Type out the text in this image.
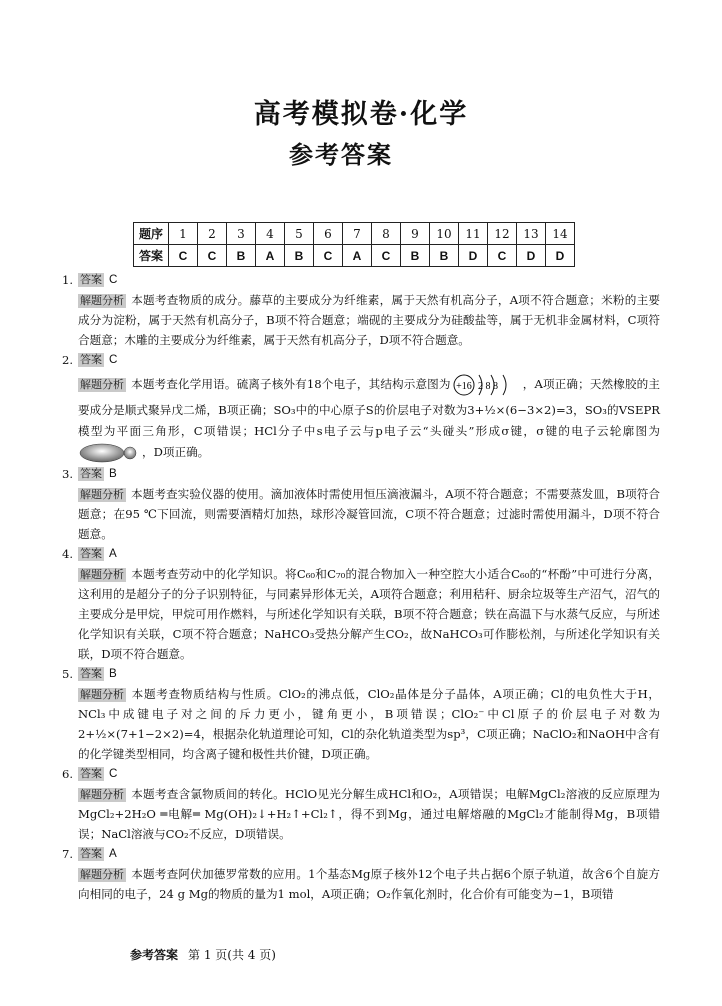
高考模拟卷·化学
参考答案
题序	1	2	3	4	5	6	7	8	9	10	11	12	13	14
答案	C	C	B	A	B	C	A	C	B	B	D	C	D	D
1. 答案 C
解题分析 本题考查物质的成分。藤草的主要成分为纤维素，属于天然有机高分子，A项不符合题意；米粉的主要成分为淀粉，属于天然有机高分子，B项不符合题意；端砚的主要成分为硅酸盐等，属于无机非金属材料，C项符合题意；木雕的主要成分为纤维素，属于天然有机高分子，D项不符合题意。
2. 答案 C
解题分析 本题考查化学用语。硫离子核外有18个电子，其结构示意图为 +16 2 8 8 ，A项正确；天然橡胶的主要成分是顺式聚异戊二烯，B项正确；SO₃中的中心原子S的价层电子对数为3+½×(6−3×2)=3，SO₃的VSEPR模型为平面三角形，C项错误；HCl分子中s电子云与p电子云“头碰头”形成σ键，σ键的电子云轮廓图为，D项正确。
3. 答案 B
解题分析 本题考查实验仪器的使用。滴加液体时需使用恒压滴液漏斗，A项不符合题意；不需要蒸发皿，B项符合题意；在95 ℃下回流，则需要酒精灯加热，球形冷凝管回流，C项不符合题意；过滤时需使用漏斗，D项不符合题意。
4. 答案 A
解题分析 本题考查劳动中的化学知识。将C₆₀和C₇₀的混合物加入一种空腔大小适合C₆₀的“杯酚”中可进行分离，这利用的是超分子的分子识别特征，与同素异形体无关，A项符合题意；利用秸秆、厨余垃圾等生产沼气，沼气的主要成分是甲烷，甲烷可用作燃料，与所述化学知识有关联，B项不符合题意；铁在高温下与水蒸气反应，与所述化学知识有关联，C项不符合题意；NaHCO₃受热分解产生CO₂，故NaHCO₃可作膨松剂，与所述化学知识有关联，D项不符合题意。
5. 答案 B
解题分析 本题考查物质结构与性质。ClO₂的沸点低，ClO₂晶体是分子晶体，A项正确；Cl的电负性大于H，NCl₃中成键电子对之间的斥力更小，键角更小，B项错误；ClO₂⁻中Cl原子的价层电子对数为2+½×(7+1−2×2)=4，根据杂化轨道理论可知，Cl的杂化轨道类型为sp³，C项正确；NaClO₂和NaOH中含有的化学键类型相同，均含离子键和极性共价键，D项正确。
6. 答案 C
解题分析 本题考查含氯物质间的转化。HClO见光分解生成HCl和O₂，A项错误；电解MgCl₂溶液的反应原理为MgCl₂+2H₂O ═电解═ Mg(OH)₂↓+H₂↑+Cl₂↑，得不到Mg，通过电解熔融的MgCl₂才能制得Mg，B项错误；NaCl溶液与CO₂不反应，D项错误。
7. 答案 A
解题分析 本题考查阿伏加德罗常数的应用。1个基态Mg原子核外12个电子共占据6个原子轨道，故含6个自旋方向相同的电子，24 g Mg的物质的量为1 mol，A项正确；O₂作氧化剂时，化合价有可能变为−1，B项错
参考答案 第 1 页(共 4 页)
